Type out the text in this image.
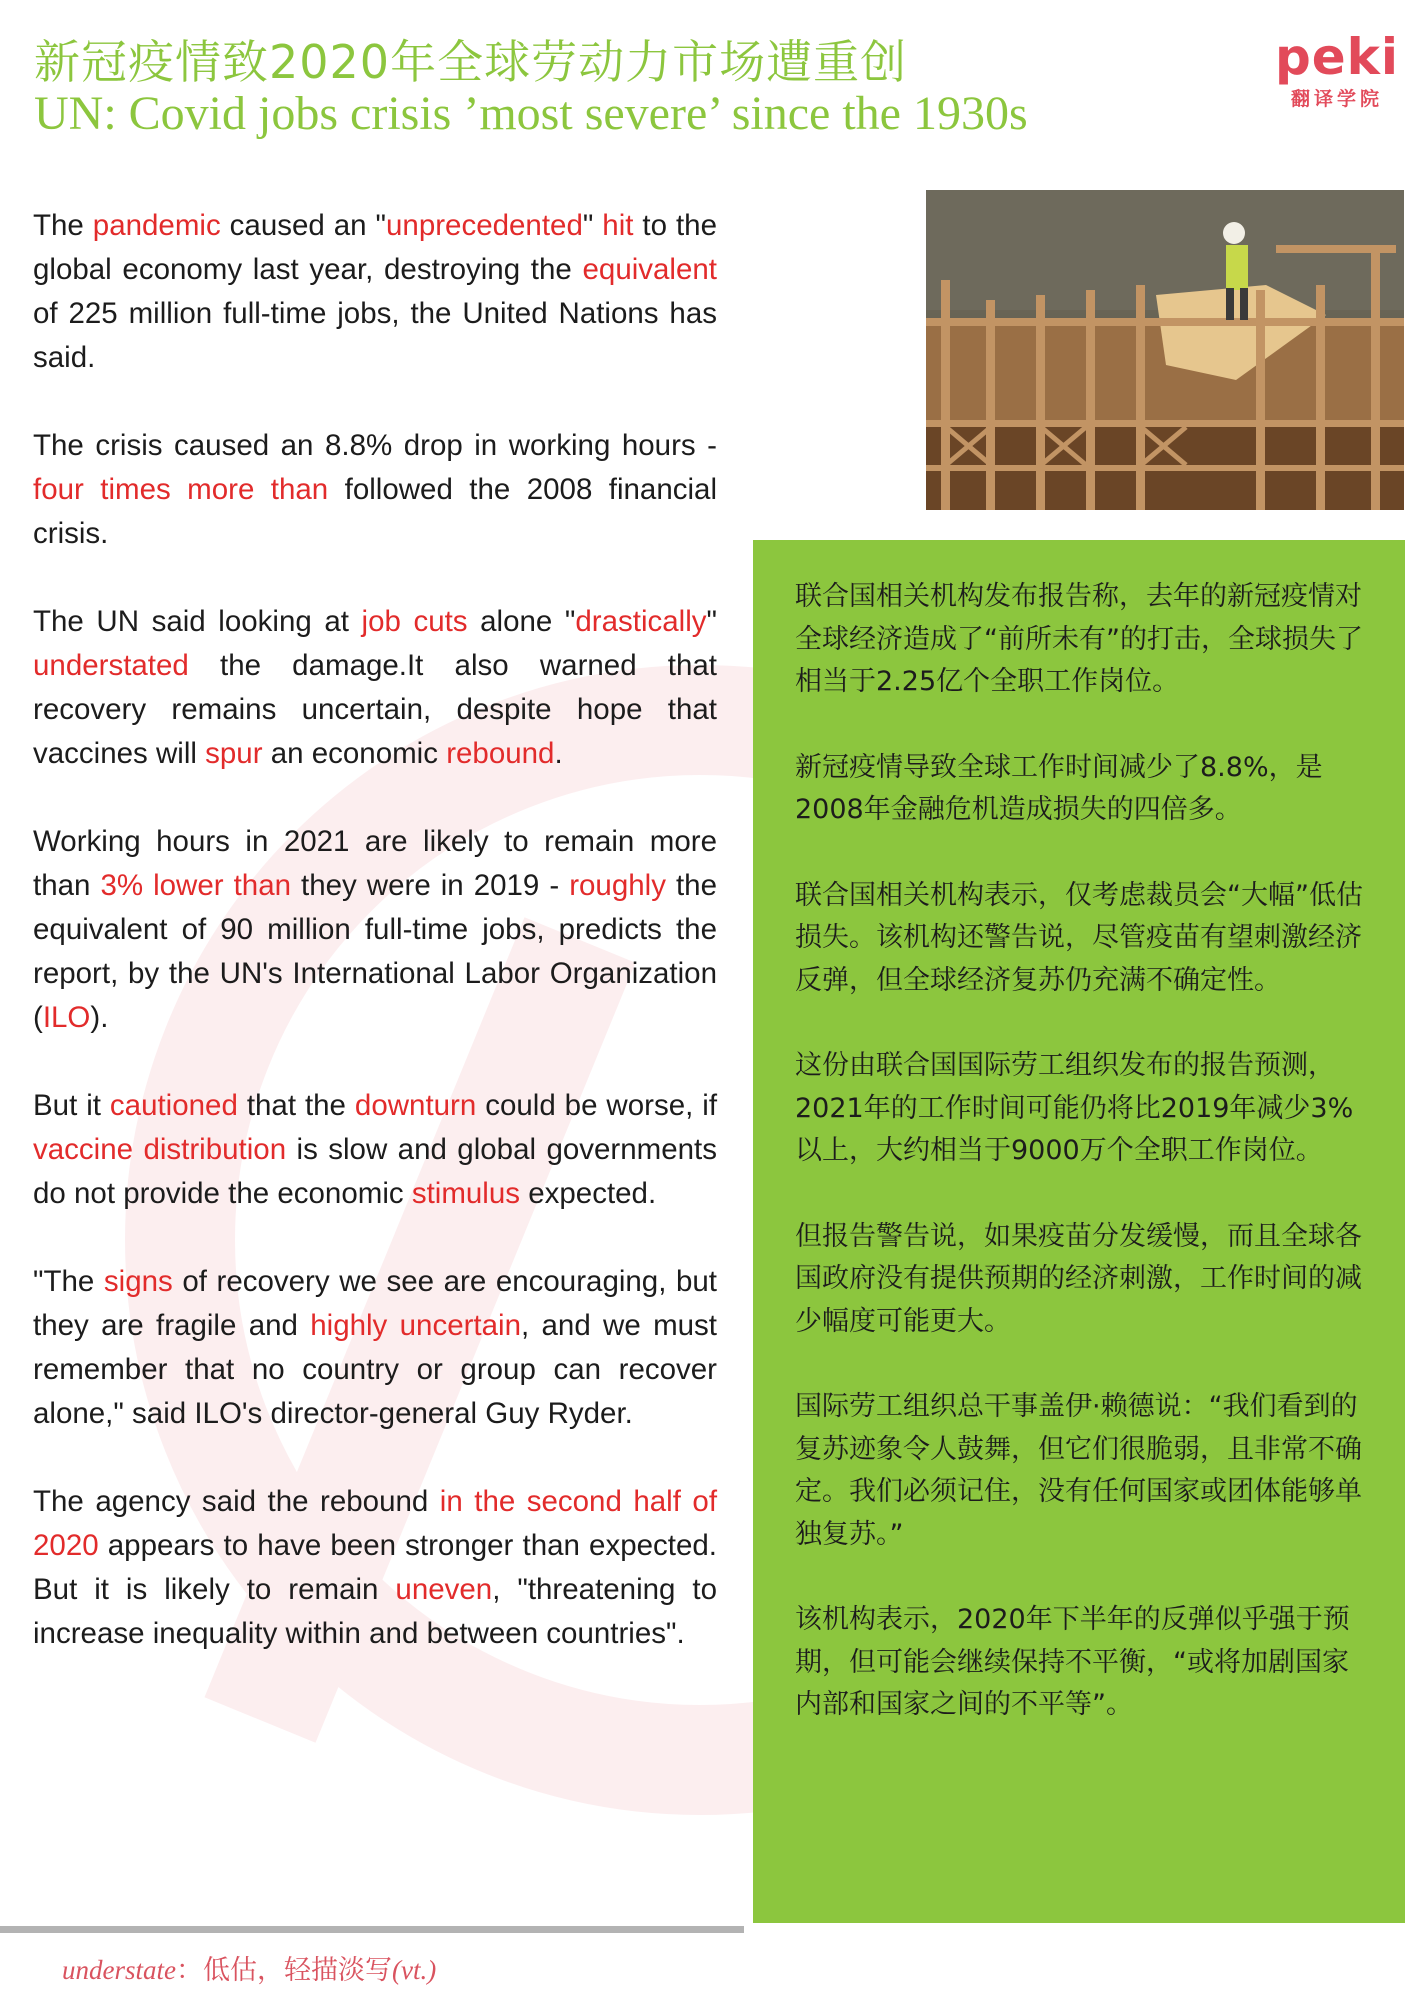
新冠疫情致2020年全球劳动力市场遭重创
UN: Covid jobs crisis ’most severe’ since the 1930s
peki
翻译学院

The pandemic caused an "unprecedented" hit to the global economy last year, destroying the equivalent of 225 million full-time jobs, the United Nations has said.

The crisis caused an 8.8% drop in working hours - four times more than followed the 2008 financial crisis.

The UN said looking at job cuts alone "drastically" understated the damage.It also warned that recovery remains uncertain, despite hope that vaccines will spur an economic rebound.

Working hours in 2021 are likely to remain more than 3% lower than they were in 2019 - roughly the equivalent of 90 million full-time jobs, predicts the report, by the UN's International Labor Organization (ILO).

But it cautioned that the downturn could be worse, if vaccine distribution is slow and global governments do not provide the economic stimulus expected.

"The signs of recovery we see are encouraging, but they are fragile and highly uncertain, and we must remember that no country or group can recover alone," said ILO's director-general Guy Ryder.

The agency said the rebound in the second half of 2020 appears to have been stronger than expected. But it is likely to remain uneven, "threatening to increase inequality within and between countries".

联合国相关机构发布报告称，去年的新冠疫情对全球经济造成了“前所未有”的打击，全球损失了相当于2.25亿个全职工作岗位。

新冠疫情导致全球工作时间减少了8.8%，是2008年金融危机造成损失的四倍多。

联合国相关机构表示，仅考虑裁员会“大幅”低估损失。该机构还警告说，尽管疫苗有望刺激经济反弹，但全球经济复苏仍充满不确定性。

这份由联合国国际劳工组织发布的报告预测，2021年的工作时间可能仍将比2019年减少3%以上，大约相当于9000万个全职工作岗位。

但报告警告说，如果疫苗分发缓慢，而且全球各国政府没有提供预期的经济刺激，工作时间的减少幅度可能更大。

国际劳工组织总干事盖伊·赖德说：“我们看到的复苏迹象令人鼓舞，但它们很脆弱，且非常不确定。我们必须记住，没有任何国家或团体能够单独复苏。”

该机构表示，2020年下半年的反弹似乎强于预期，但可能会继续保持不平衡，“或将加剧国家内部和国家之间的不平等”。

understate：低估，轻描淡写(vt.)
